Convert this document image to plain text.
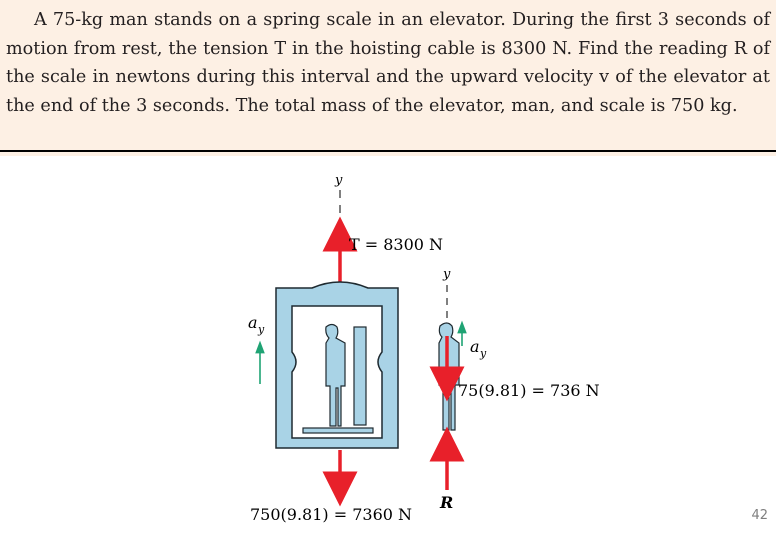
A 75-kg man stands on a spring scale in an elevator. During the first 3 seconds of motion from rest, the tension T in the hoisting cable is 8300 N. Find the reading R of the scale in newtons during this interval and the upward velocity v of the elevator at the end of the 3 seconds. The total mass of the elevator, man, and scale is 750 kg.

y
T = 8300 N
750(9.81) = 7360 N
a y
y
75(9.81) = 736 N
a y
R
42
